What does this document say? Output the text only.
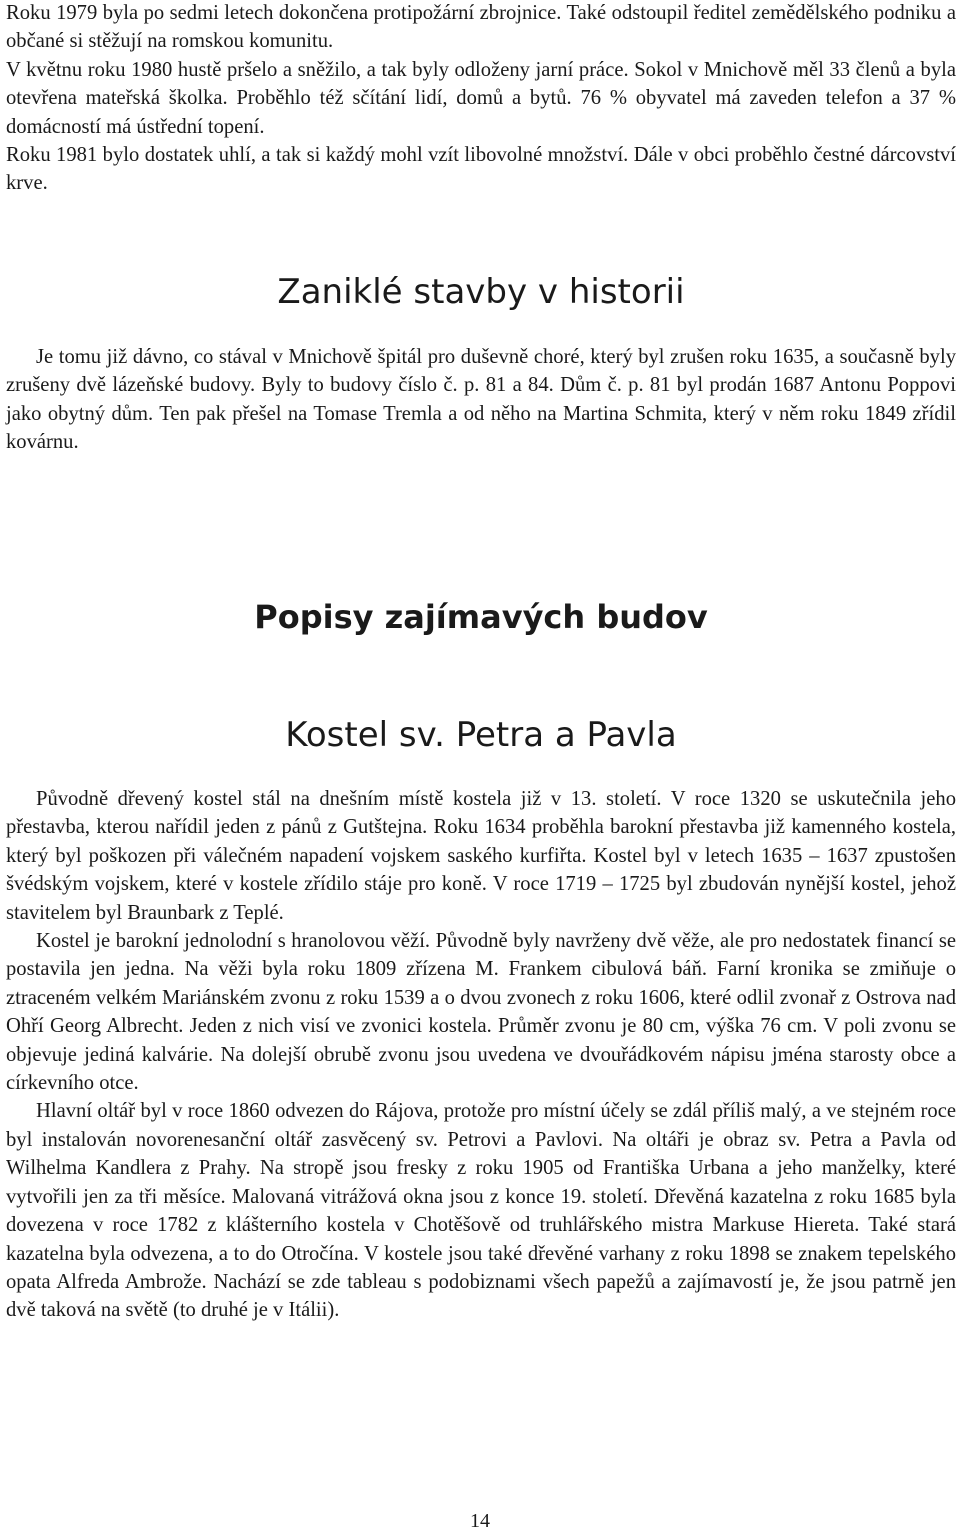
Roku 1979 byla po sedmi letech dokončena protipožární zbrojnice. Také odstoupil ředitel zemědělského podniku a občané si stěžují na romskou komunitu.

V květnu roku 1980 hustě pršelo a sněžilo, a tak byly odloženy jarní práce. Sokol v Mnichově měl 33 členů a byla otevřena mateřská školka. Proběhlo též sčítání lidí, domů a bytů. 76 % obyvatel má zaveden telefon a 37 % domácností má ústřední topení.

Roku 1981 bylo dostatek uhlí, a tak si každý mohl vzít libovolné množství. Dále v obci proběhlo čestné dárcovství krve.

Zaniklé stavby v historii

Je tomu již dávno, co stával v Mnichově špitál pro duševně choré, který byl zrušen roku 1635, a současně byly zrušeny dvě lázeňské budovy. Byly to budovy číslo č. p. 81 a 84. Dům č. p. 81 byl prodán 1687 Antonu Poppovi jako obytný dům. Ten pak přešel na Tomase Tremla a od něho na Martina Schmita, který v něm roku 1849 zřídil kovárnu.

Popisy zajímavých budov
Kostel sv. Petra a Pavla

Původně dřevený kostel stál na dnešním místě kostela již v 13. století. V roce 1320 se uskutečnila jeho přestavba, kterou nařídil jeden z pánů z Gutštejna. Roku 1634 proběhla barokní přestavba již kamenného kostela, který byl poškozen při válečném napadení vojskem saského kurfiřta. Kostel byl v letech 1635 – 1637 zpustošen švédským vojskem, které v kostele zřídilo stáje pro koně. V roce 1719 – 1725 byl zbudován nynější kostel, jehož stavitelem byl Braunbark z Teplé.

Kostel je barokní jednolodní s hranolovou věží. Původně byly navrženy dvě věže, ale pro nedostatek financí se postavila jen jedna. Na věži byla roku 1809 zřízena M. Frankem cibulová báň. Farní kronika se zmiňuje o ztraceném velkém Mariánském zvonu z roku 1539 a o dvou zvonech z roku 1606, které odlil zvonař z Ostrova nad Ohří Georg Albrecht. Jeden z nich visí ve zvonici kostela. Průměr zvonu je 80 cm, výška 76 cm. V poli zvonu se objevuje jediná kalvárie. Na dolejší obrubě zvonu jsou uvedena ve dvouřádkovém nápisu jména starosty obce a církevního otce.

Hlavní oltář byl v roce 1860 odvezen do Rájova, protože pro místní účely se zdál příliš malý, a ve stejném roce byl instalován novorenesanční oltář zasvěcený sv. Petrovi a Pavlovi. Na oltáři je obraz sv. Petra a Pavla od Wilhelma Kandlera z Prahy. Na stropě jsou fresky z roku 1905 od Františka Urbana a jeho manželky, které vytvořili jen za tři měsíce. Malovaná vitrážová okna jsou z konce 19. století. Dřevěná kazatelna z roku 1685 byla dovezena v roce 1782 z klášterního kostela v Chotěšově od truhlářského mistra Markuse Hiereta. Také stará kazatelna byla odvezena, a to do Otročína. V kostele jsou také dřevěné varhany z roku 1898 se znakem tepelského opata Alfreda Ambrože. Nachází se zde tableau s podobiznami všech papežů a zajímavostí je, že jsou patrně jen dvě taková na světě (to druhé je v Itálii).

14
